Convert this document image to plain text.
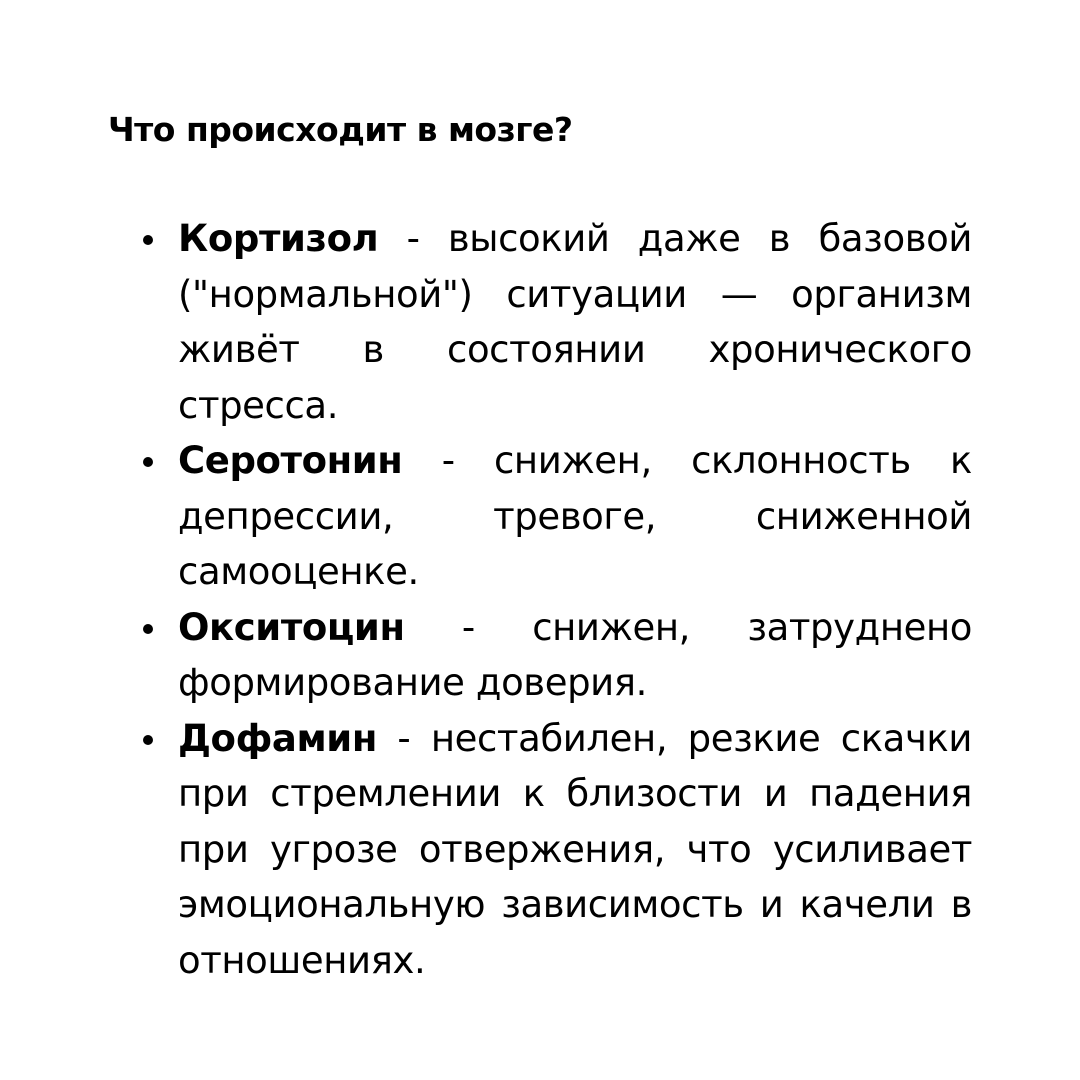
Что происходит в мозге?
Кортизол - высокий даже в базовой ("нормальной") ситуации — организм живёт в состоянии хронического стресса.
Серотонин - снижен, склонность к депрессии, тревоге, сниженной самооценке.
Окситоцин - снижен, затруднено формирование доверия.
Дофамин - нестабилен, резкие скачки при стремлении к близости и падения при угрозе отвержения, что усиливает эмоциональную зависимость и качели в отношениях.
